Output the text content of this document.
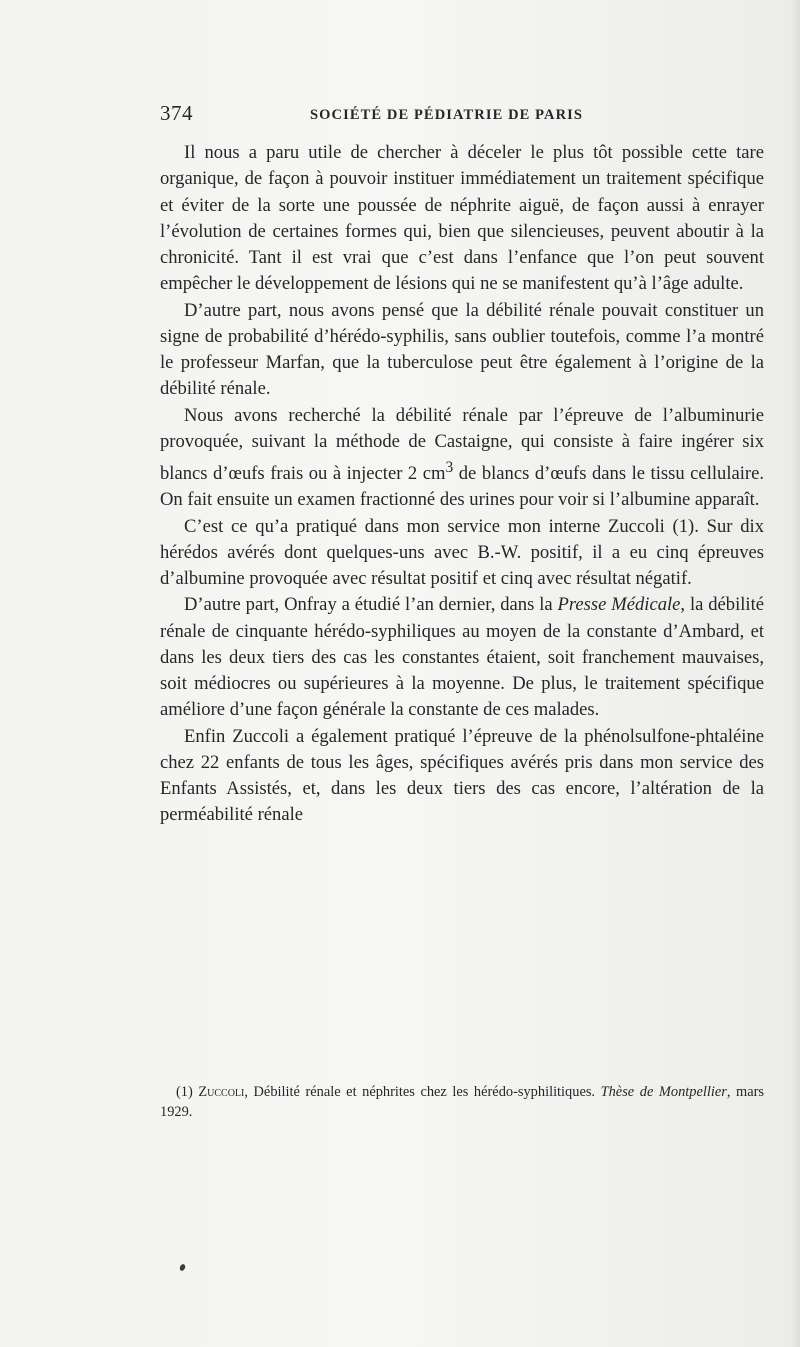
374	SOCIÉTÉ DE PÉDIATRIE DE PARIS

Il nous a paru utile de chercher à déceler le plus tôt possible cette tare organique, de façon à pouvoir instituer immédiatement un traitement spécifique et éviter de la sorte une poussée de néphrite aiguë, de façon aussi à enrayer l’évolution de certaines formes qui, bien que silencieuses, peuvent aboutir à la chronicité. Tant il est vrai que c’est dans l’enfance que l’on peut souvent empêcher le développement de lésions qui ne se manifestent qu’à l’âge adulte.

D’autre part, nous avons pensé que la débilité rénale pouvait constituer un signe de probabilité d’hérédo-syphilis, sans oublier toutefois, comme l’a montré le professeur Marfan, que la tuberculose peut être également à l’origine de la débilité rénale.

Nous avons recherché la débilité rénale par l’épreuve de l’albuminurie provoquée, suivant la méthode de Castaigne, qui consiste à faire ingérer six blancs d’œufs frais ou à injecter 2 $cm^3$ de blancs d’œufs dans le tissu cellulaire. On fait ensuite un examen fractionné des urines pour voir si l’albumine apparaît.

C’est ce qu’a pratiqué dans mon service mon interne Zuccoli (1). Sur dix hérédos avérés dont quelques-uns avec B.-W. positif, il a eu cinq épreuves d’albumine provoquée avec résultat positif et cinq avec résultat négatif.

D’autre part, Onfray a étudié l’an dernier, dans la Presse Médicale, la débilité rénale de cinquante hérédo-syphiliques au moyen de la constante d’Ambard, et dans les deux tiers des cas les constantes étaient, soit franchement mauvaises, soit médiocres ou supérieures à la moyenne. De plus, le traitement spécifique améliore d’une façon générale la constante de ces malades.

Enfin Zuccoli a également pratiqué l’épreuve de la phénolsulfone-phtaléine chez 22 enfants de tous les âges, spécifiques avérés pris dans mon service des Enfants Assistés, et, dans les deux tiers des cas encore, l’altération de la perméabilité rénale

(1) Zuccoli, Débilité rénale et néphrites chez les hérédo-syphilitiques. Thèse de Montpellier, mars 1929.
